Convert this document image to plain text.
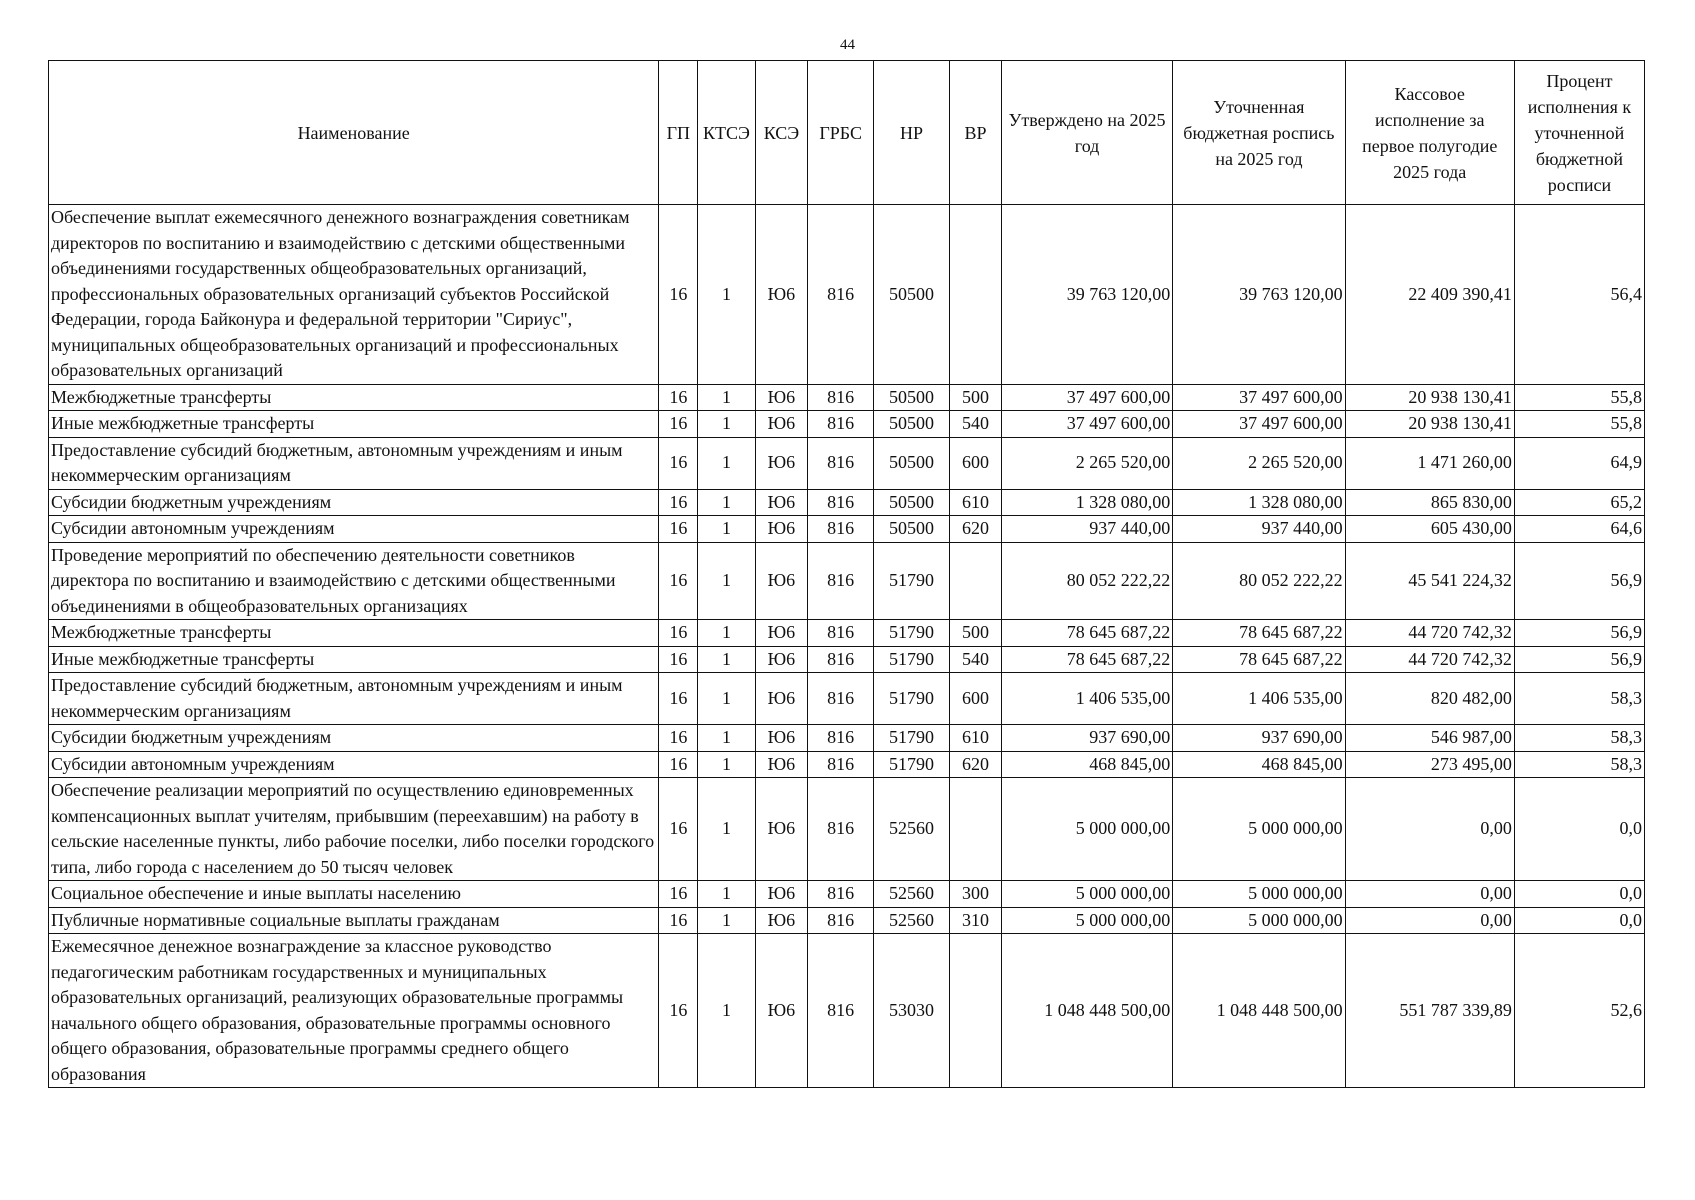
44
Наименование	ГП	КТСЭ	КСЭ	ГРБС	НР	ВР	Утверждено на 2025 год	Уточненная бюджетная роспись на 2025 год	Кассовое исполнение за первое полугодие 2025 года	Процент исполнения к уточненной бюджетной росписи
Обеспечение выплат ежемесячного денежного вознаграждения советникам директоров по воспитанию и взаимодействию с детскими общественными объединениями государственных общеобразовательных организаций, профессиональных образовательных организаций субъектов Российской Федерации, города Байконура и федеральной территории "Сириус", муниципальных общеобразовательных организаций и профессиональных образовательных организаций	16	1	Ю6	816	50500		39 763 120,00	39 763 120,00	22 409 390,41	56,4
Межбюджетные трансферты	16	1	Ю6	816	50500	500	37 497 600,00	37 497 600,00	20 938 130,41	55,8
Иные межбюджетные трансферты	16	1	Ю6	816	50500	540	37 497 600,00	37 497 600,00	20 938 130,41	55,8
Предоставление субсидий бюджетным, автономным учреждениям и иным некоммерческим организациям	16	1	Ю6	816	50500	600	2 265 520,00	2 265 520,00	1 471 260,00	64,9
Субсидии бюджетным учреждениям	16	1	Ю6	816	50500	610	1 328 080,00	1 328 080,00	865 830,00	65,2
Субсидии автономным учреждениям	16	1	Ю6	816	50500	620	937 440,00	937 440,00	605 430,00	64,6
Проведение мероприятий по обеспечению деятельности советников директора по воспитанию и взаимодействию с детскими общественными объединениями в общеобразовательных организациях	16	1	Ю6	816	51790		80 052 222,22	80 052 222,22	45 541 224,32	56,9
Межбюджетные трансферты	16	1	Ю6	816	51790	500	78 645 687,22	78 645 687,22	44 720 742,32	56,9
Иные межбюджетные трансферты	16	1	Ю6	816	51790	540	78 645 687,22	78 645 687,22	44 720 742,32	56,9
Предоставление субсидий бюджетным, автономным учреждениям и иным некоммерческим организациям	16	1	Ю6	816	51790	600	1 406 535,00	1 406 535,00	820 482,00	58,3
Субсидии бюджетным учреждениям	16	1	Ю6	816	51790	610	937 690,00	937 690,00	546 987,00	58,3
Субсидии автономным учреждениям	16	1	Ю6	816	51790	620	468 845,00	468 845,00	273 495,00	58,3
Обеспечение реализации мероприятий по осуществлению единовременных компенсационных выплат учителям, прибывшим (переехавшим) на работу в сельские населенные пункты, либо рабочие поселки, либо поселки городского типа, либо города с населением до 50 тысяч человек	16	1	Ю6	816	52560		5 000 000,00	5 000 000,00	0,00	0,0
Социальное обеспечение и иные выплаты населению	16	1	Ю6	816	52560	300	5 000 000,00	5 000 000,00	0,00	0,0
Публичные нормативные социальные выплаты гражданам	16	1	Ю6	816	52560	310	5 000 000,00	5 000 000,00	0,00	0,0
Ежемесячное денежное вознаграждение за классное руководство педагогическим работникам государственных и муниципальных образовательных организаций, реализующих образовательные программы начального общего образования, образовательные программы основного общего образования, образовательные программы среднего общего образования	16	1	Ю6	816	53030		1 048 448 500,00	1 048 448 500,00	551 787 339,89	52,6
